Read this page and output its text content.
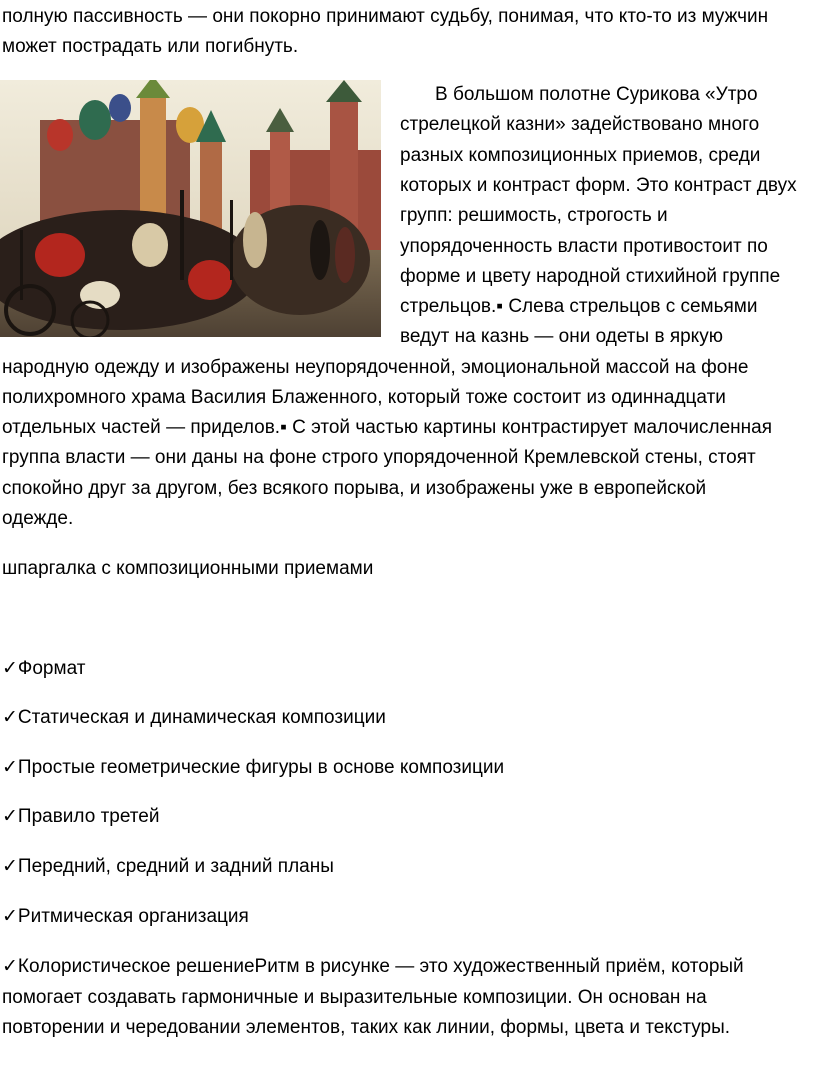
полную пассивность — они покорно принимают судьбу, понимая, что кто-то из мужчин

может пострадать или погибнуть.

В большом полотне Сурикова «Утро

стрелецкой казни» задействовано много

разных композиционных приемов, среди

которых и контраст форм. Это контраст двух

групп: решимость, строгость и

упорядоченность власти противостоит по

форме и цвету народной стихийной группе

стрельцов.▪ Слева стрельцов с семьями

ведут на казнь — они одеты в яркую

народную одежду и изображены неупорядоченной, эмоциональной массой на фоне

полихромного храма Василия Блаженного, который тоже состоит из одиннадцати

отдельных частей — приделов.▪ С этой частью картины контрастирует малочисленная

группа власти — они даны на фоне строго упорядоченной Кремлевской стены, стоят

спокойно друг за другом, без всякого порыва, и изображены уже в европейской

одежде.

шпаргалка с композиционными приемами

✓Формат

✓Статическая и динамическая композиции

✓Простые геометрические фигуры в основе композиции

✓Правило третей

✓Передний, средний и задний планы

✓Ритмическая организация

✓Колористическое решениеРитм в рисунке — это художественный приём, который

помогает создавать гармоничные и выразительные композиции. Он основан на

повторении и чередовании элементов, таких как линии, формы, цвета и текстуры.
